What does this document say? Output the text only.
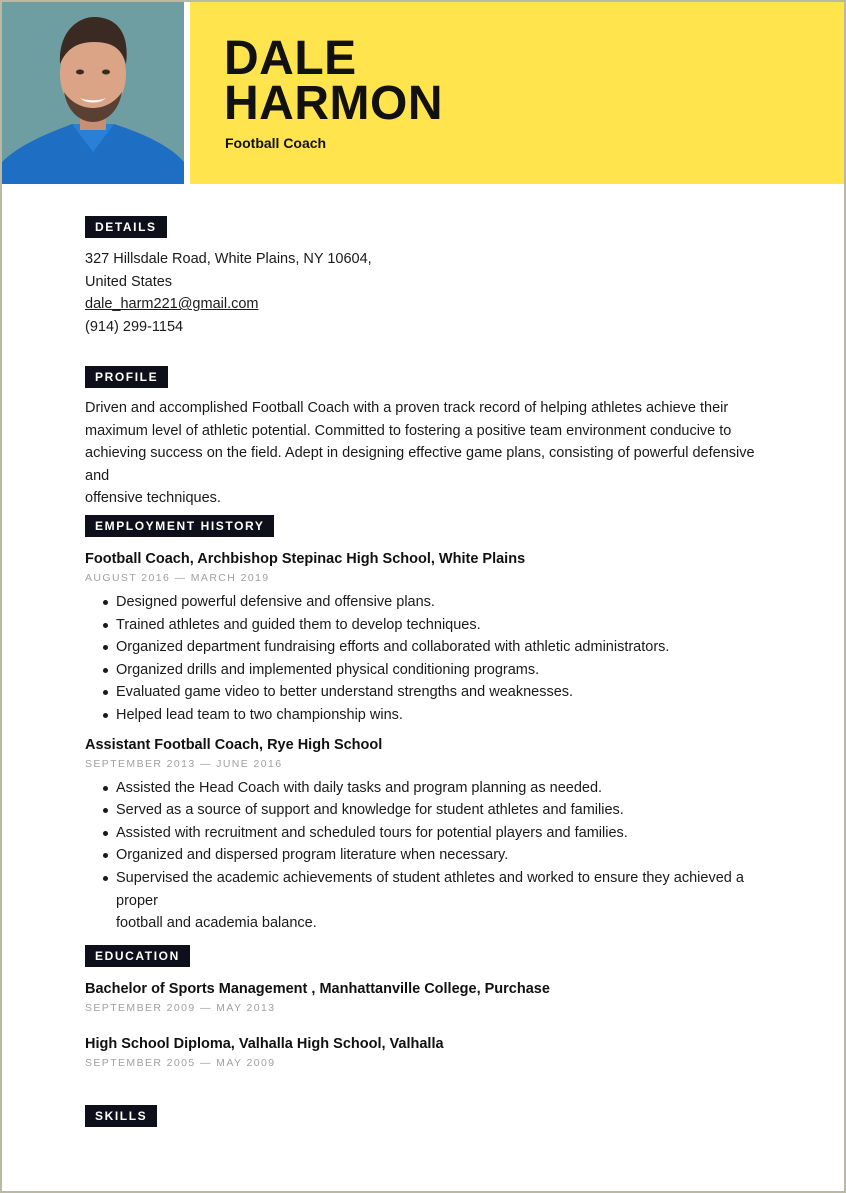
DALE
HARMON
Football Coach
DETAILS
327 Hillsdale Road, White Plains, NY 10604,
United States
dale_harm221@gmail.com
(914) 299-1154
PROFILE
Driven and accomplished Football Coach with a proven track record of helping athletes achieve their
maximum level of athletic potential. Committed to fostering a positive team environment conducive to
achieving success on the field. Adept in designing effective game plans, consisting of powerful defensive and
offensive techniques.
EMPLOYMENT HISTORY
Football Coach, Archbishop Stepinac High School, White Plains
AUGUST 2016 — MARCH 2019
Designed powerful defensive and offensive plans.
Trained athletes and guided them to develop techniques.
Organized department fundraising efforts and collaborated with athletic administrators.
Organized drills and implemented physical conditioning programs.
Evaluated game video to better understand strengths and weaknesses.
Helped lead team to two championship wins.
Assistant Football Coach, Rye High School
SEPTEMBER 2013 — JUNE 2016
Assisted the Head Coach with daily tasks and program planning as needed.
Served as a source of support and knowledge for student athletes and families.
Assisted with recruitment and scheduled tours for potential players and families.
Organized and dispersed program literature when necessary.
Supervised the academic achievements of student athletes and worked to ensure they achieved a proper
football and academia balance.
EDUCATION
Bachelor of Sports Management , Manhattanville College, Purchase
SEPTEMBER 2009 — MAY 2013
High School Diploma, Valhalla High School, Valhalla
SEPTEMBER 2005 — MAY 2009
SKILLS
